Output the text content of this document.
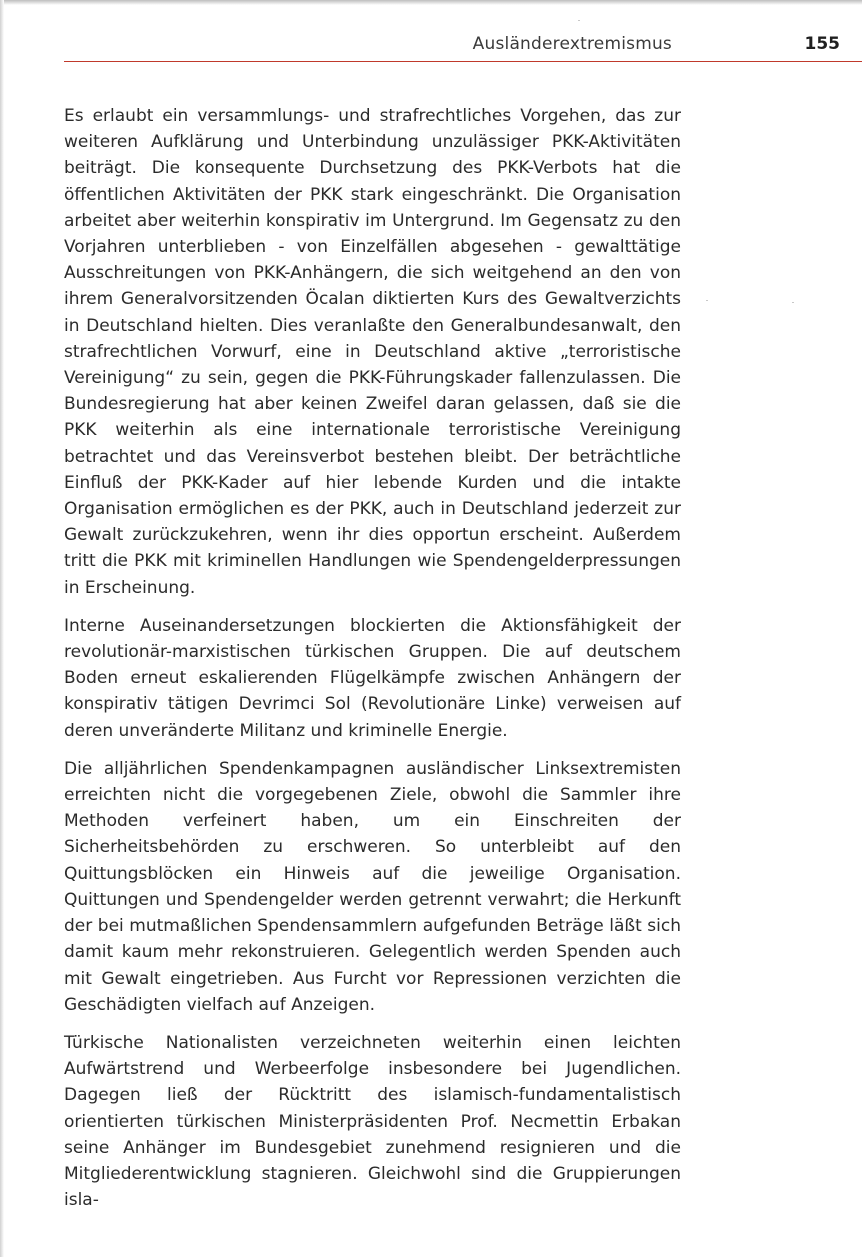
Ausländerextremismus	155

Es erlaubt ein versammlungs- und strafrechtliches Vorgehen, das zur weiteren Aufklärung und Unterbindung unzulässiger PKK-Aktivitäten beiträgt. Die konsequente Durchsetzung des PKK-Verbots hat die öffentlichen Aktivitäten der PKK stark eingeschränkt. Die Organisation arbeitet aber weiterhin konspirativ im Untergrund. Im Gegensatz zu den Vorjahren unterblieben - von Einzelfällen abgesehen - gewalttätige Ausschreitungen von PKK-Anhängern, die sich weitgehend an den von ihrem Generalvorsitzenden Öcalan diktierten Kurs des Gewaltverzichts in Deutschland hielten. Dies veranlaßte den Generalbundesanwalt, den strafrechtlichen Vorwurf, eine in Deutschland aktive „terroristische Vereinigung“ zu sein, gegen die PKK-Führungskader fallenzulassen. Die Bundesregierung hat aber keinen Zweifel daran gelassen, daß sie die PKK weiterhin als eine internationale terroristische Vereinigung betrachtet und das Vereinsverbot bestehen bleibt. Der beträchtliche Einfluß der PKK-Kader auf hier lebende Kurden und die intakte Organisation ermöglichen es der PKK, auch in Deutschland jederzeit zur Gewalt zurückzukehren, wenn ihr dies opportun erscheint. Außerdem tritt die PKK mit kriminellen Handlungen wie Spendengelderpressungen in Erscheinung.

Interne Auseinandersetzungen blockierten die Aktionsfähigkeit der revolutionär-marxistischen türkischen Gruppen. Die auf deutschem Boden erneut eskalierenden Flügelkämpfe zwischen Anhängern der konspirativ tätigen Devrimci Sol (Revolutionäre Linke) verweisen auf deren unveränderte Militanz und kriminelle Energie.

Die alljährlichen Spendenkampagnen ausländischer Linksextremisten erreichten nicht die vorgegebenen Ziele, obwohl die Sammler ihre Methoden verfeinert haben, um ein Einschreiten der Sicherheitsbehörden zu erschweren. So unterbleibt auf den Quittungsblöcken ein Hinweis auf die jeweilige Organisation. Quittungen und Spendengelder werden getrennt verwahrt; die Herkunft der bei mutmaßlichen Spendensammlern aufgefunden Beträge läßt sich damit kaum mehr rekonstruieren. Gelegentlich werden Spenden auch mit Gewalt eingetrieben. Aus Furcht vor Repressionen verzichten die Geschädigten vielfach auf Anzeigen.

Türkische Nationalisten verzeichneten weiterhin einen leichten Aufwärtstrend und Werbeerfolge insbesondere bei Jugendlichen. Dagegen ließ der Rücktritt des islamisch-fundamentalistisch orientierten türkischen Ministerpräsidenten Prof. Necmettin Erbakan seine Anhänger im Bundesgebiet zunehmend resignieren und die Mitgliederentwicklung stagnieren. Gleichwohl sind die Gruppierungen isla-
